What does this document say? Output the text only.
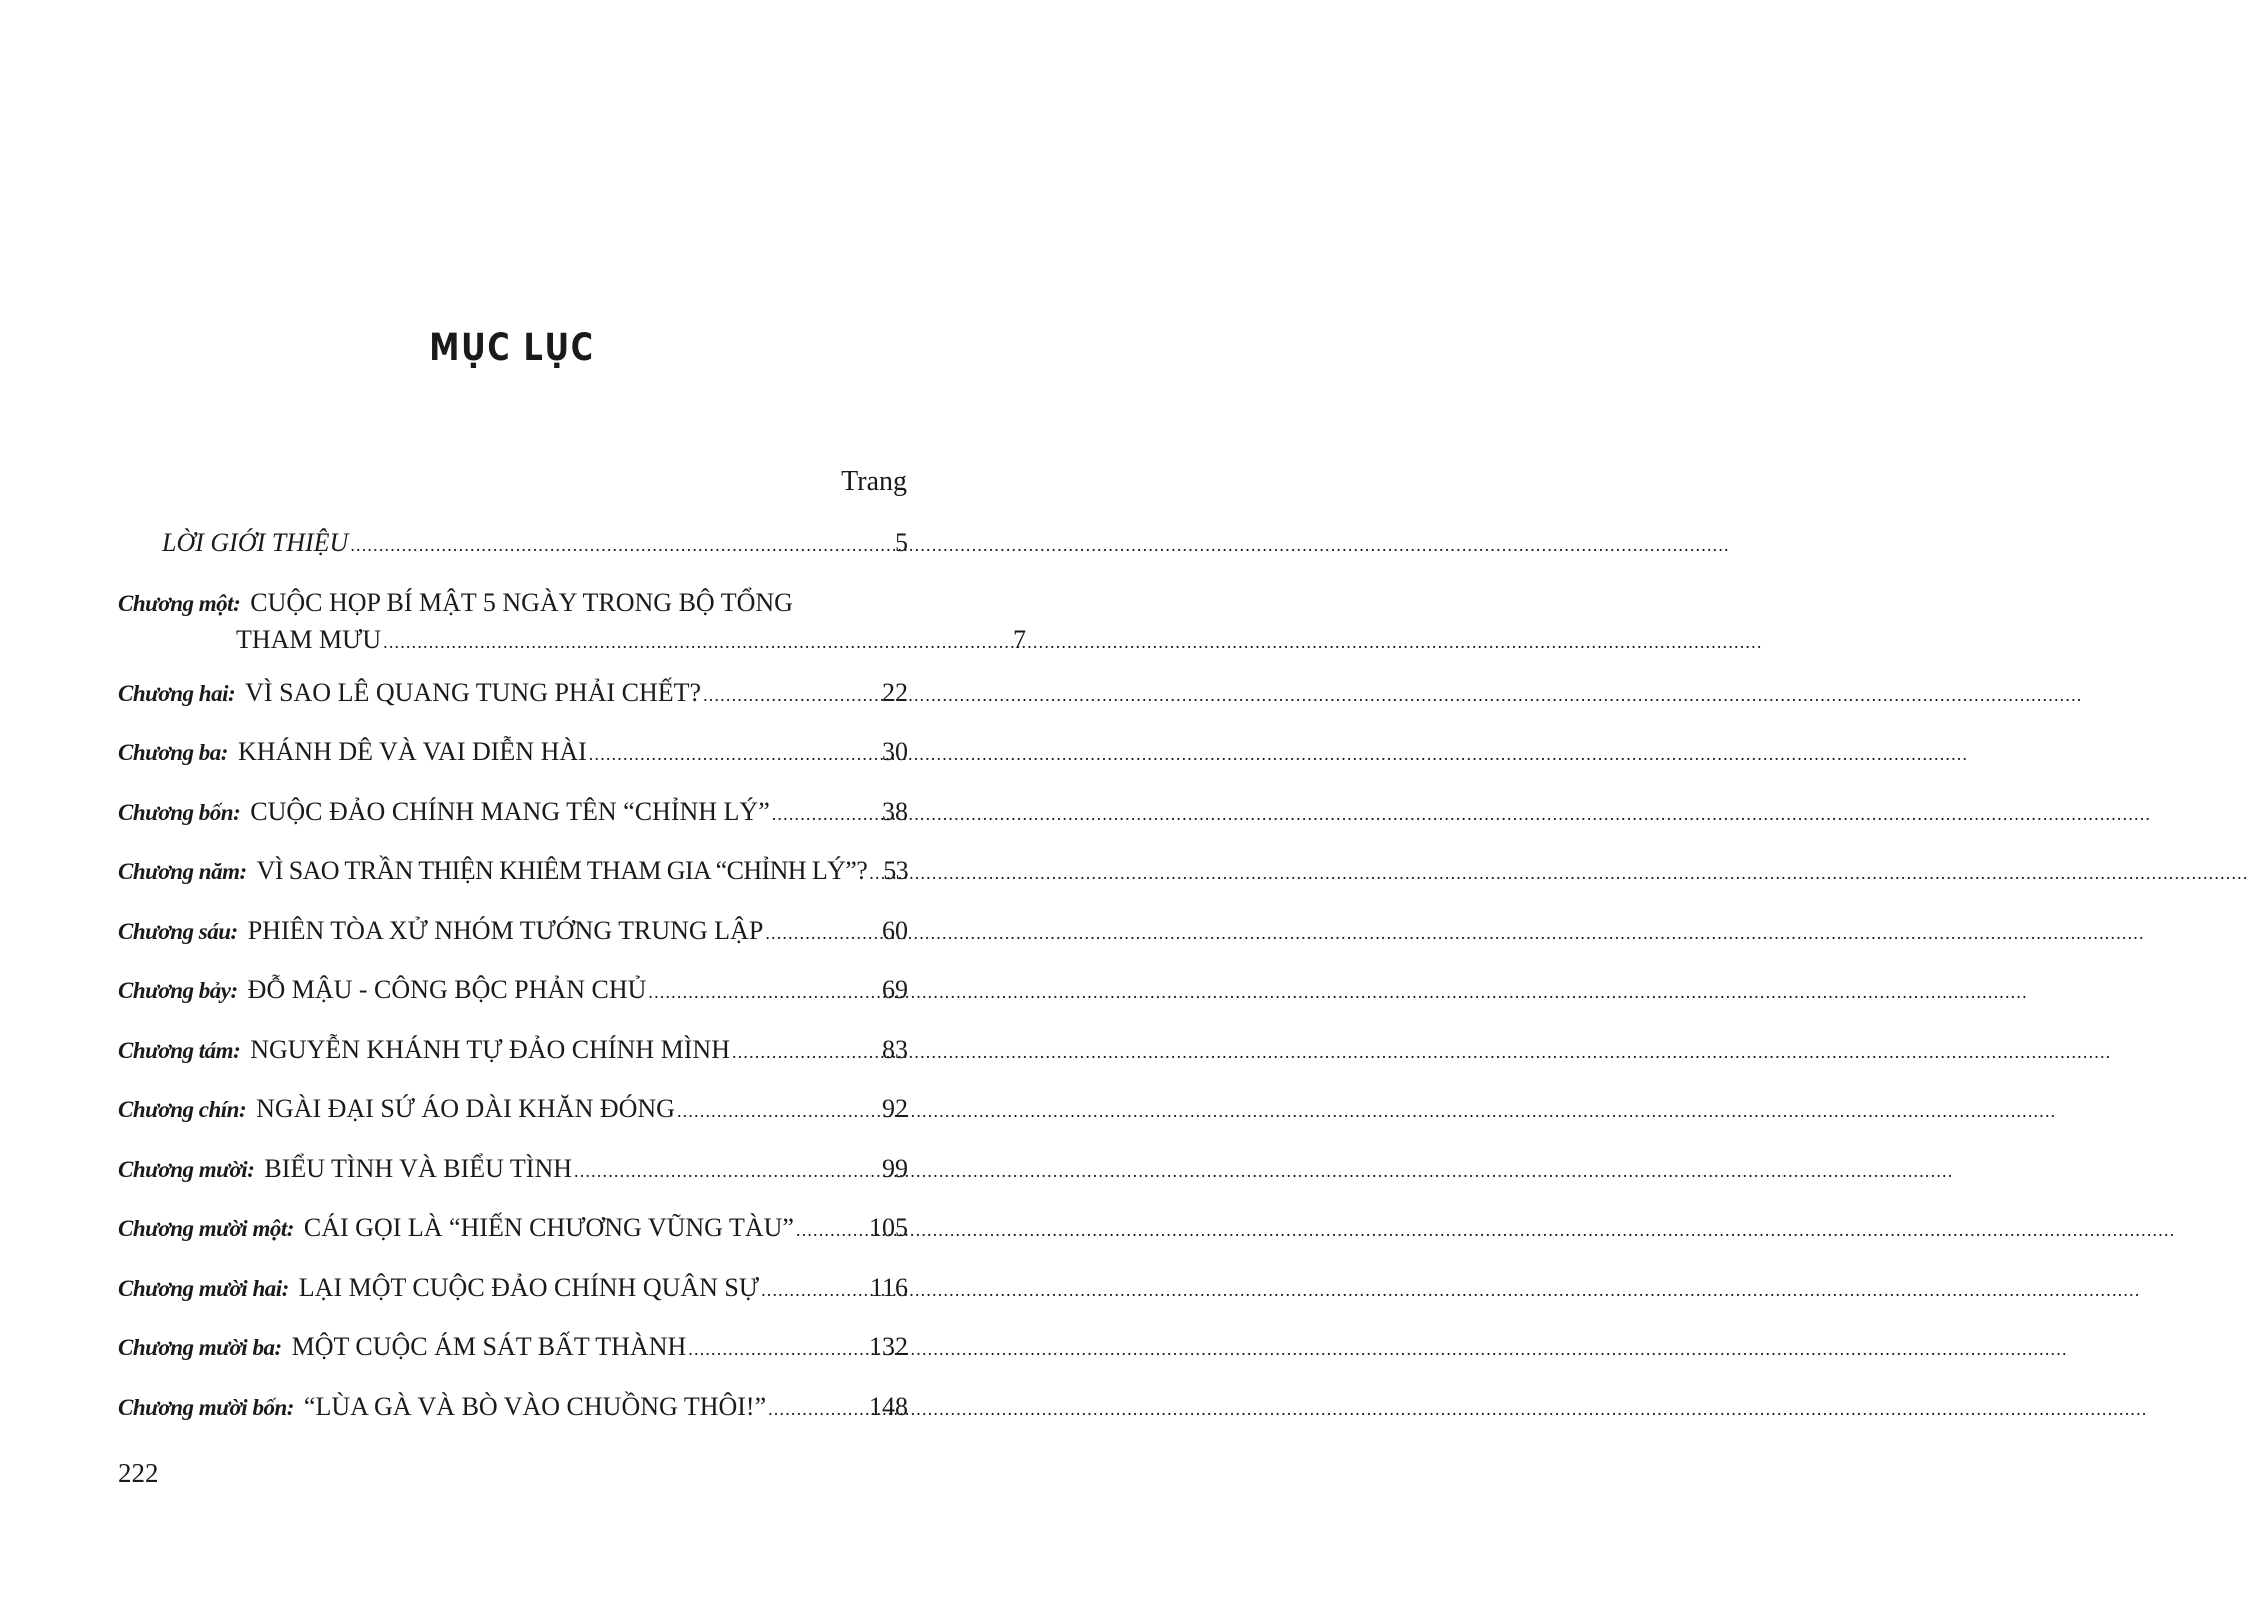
MỤC LỤC
Trang
LỜI GIỚI THIỆU .....	5
Chương một: CUỘC HỌP BÍ MẬT 5 NGÀY TRONG BỘ TỔNG
THAM MƯU .....	7
Chương hai: VÌ SAO LÊ QUANG TUNG PHẢI CHẾT? .....	22
Chương ba: KHÁNH DÊ VÀ VAI DIỄN HÀI .....	30
Chương bốn: CUỘC ĐẢO CHÍNH MANG TÊN “CHỈNH LÝ” .....	38
Chương năm: VÌ SAO TRẦN THIỆN KHIÊM THAM GIA “CHỈNH LÝ”? ..... 53
Chương sáu: PHIÊN TÒA XỬ NHÓM TƯỚNG TRUNG LẬP .....	60
Chương bảy: ĐỖ MẬU - CÔNG BỘC PHẢN CHỦ .....	69
Chương tám: NGUYỄN KHÁNH TỰ ĐẢO CHÍNH MÌNH .....	83
Chương chín: NGÀI ĐẠI SỨ ÁO DÀI KHĂN ĐÓNG .....	92
Chương mười: BIỂU TÌNH VÀ BIỂU TÌNH .....	99
Chương mười một: CÁI GỌI LÀ “HIẾN CHƯƠNG VŨNG TÀU” .....	105
Chương mười hai: LẠI MỘT CUỘC ĐẢO CHÍNH QUÂN SỰ .....	116
Chương mười ba: MỘT CUỘC ÁM SÁT BẤT THÀNH .....	132
Chương mười bốn: “LÙA GÀ VÀ BÒ VÀO CHUỒNG THÔI!” .....	148
222
